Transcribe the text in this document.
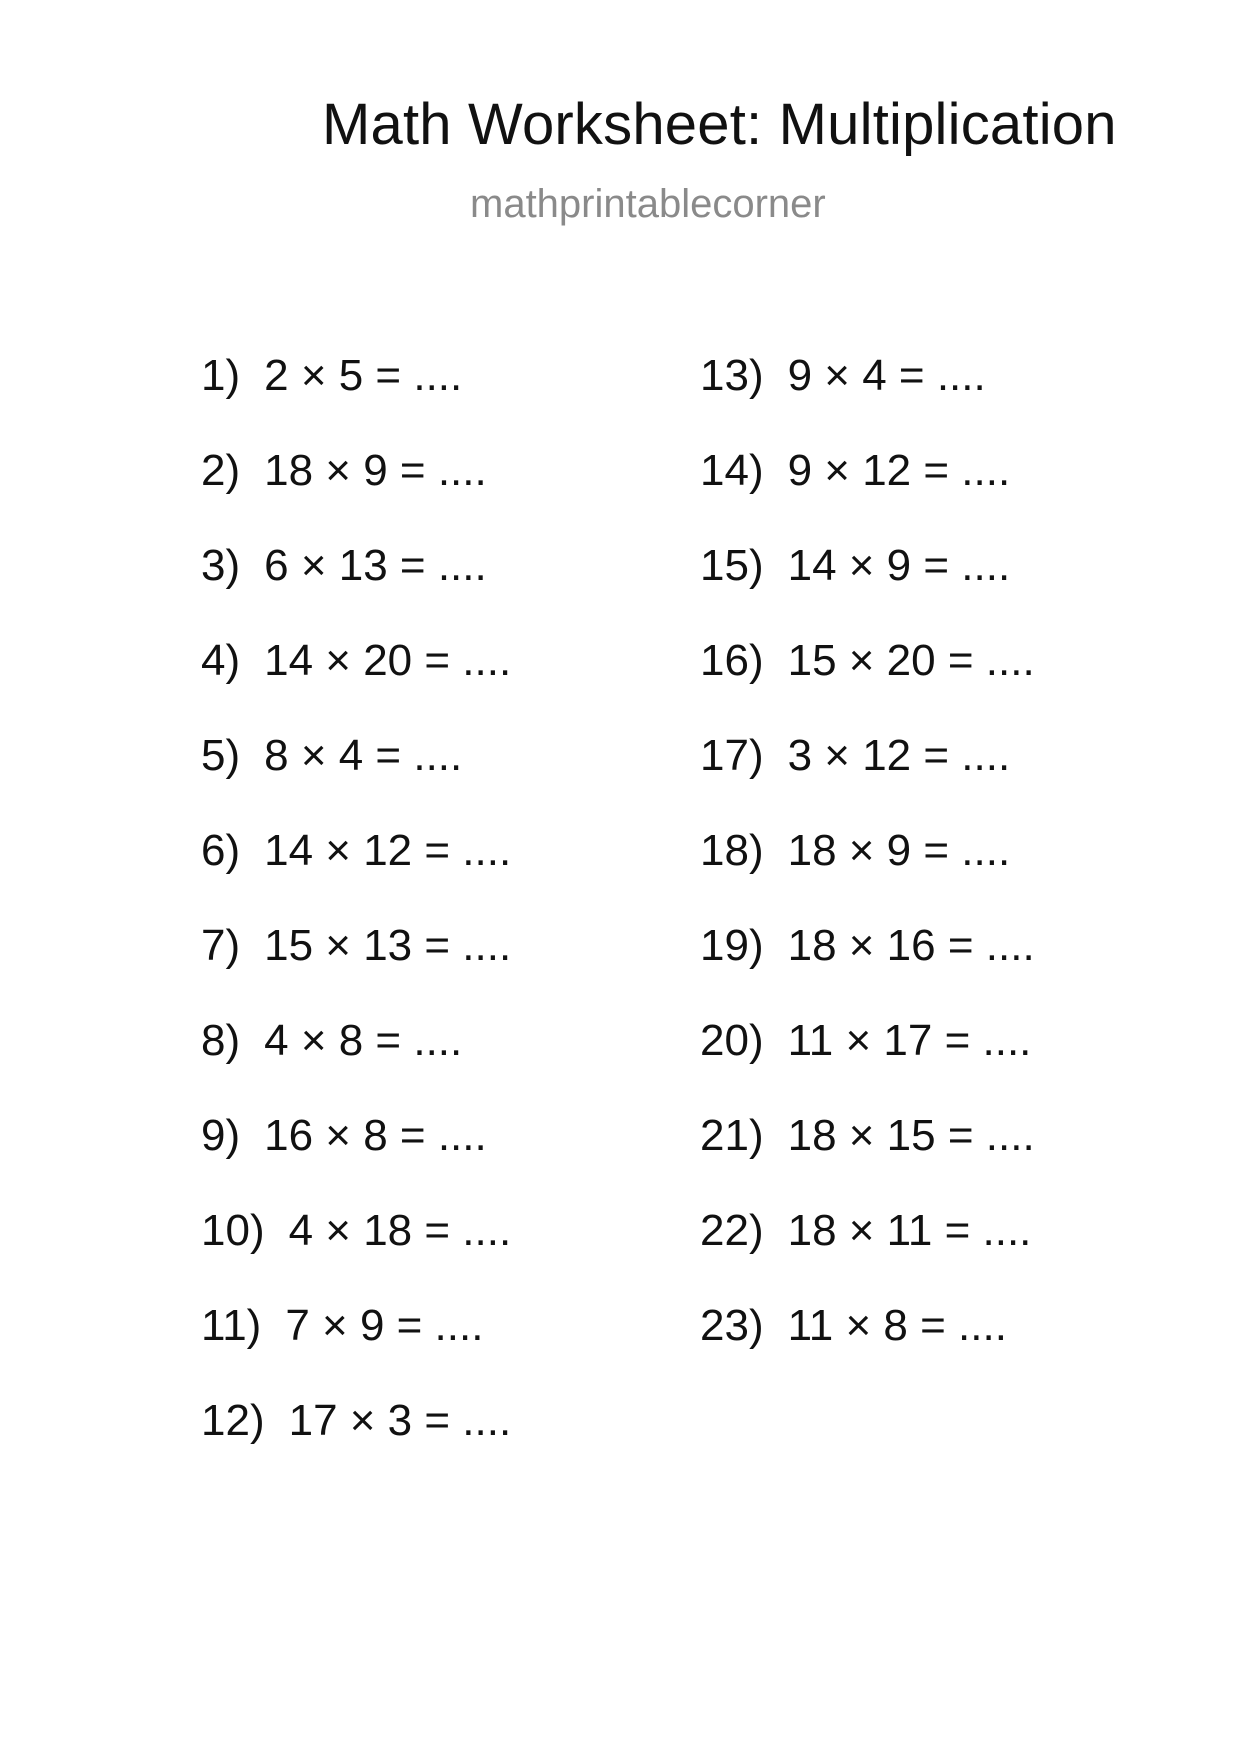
Math Worksheet: Multiplication
mathprintablecorner
1) 2 × 5 = ....
2) 18 × 9 = ....
3) 6 × 13 = ....
4) 14 × 20 = ....
5) 8 × 4 = ....
6) 14 × 12 = ....
7) 15 × 13 = ....
8) 4 × 8 = ....
9) 16 × 8 = ....
10) 4 × 18 = ....
11) 7 × 9 = ....
12) 17 × 3 = ....
13) 9 × 4 = ....
14) 9 × 12 = ....
15) 14 × 9 = ....
16) 15 × 20 = ....
17) 3 × 12 = ....
18) 18 × 9 = ....
19) 18 × 16 = ....
20) 11 × 17 = ....
21) 18 × 15 = ....
22) 18 × 11 = ....
23) 11 × 8 = ....
